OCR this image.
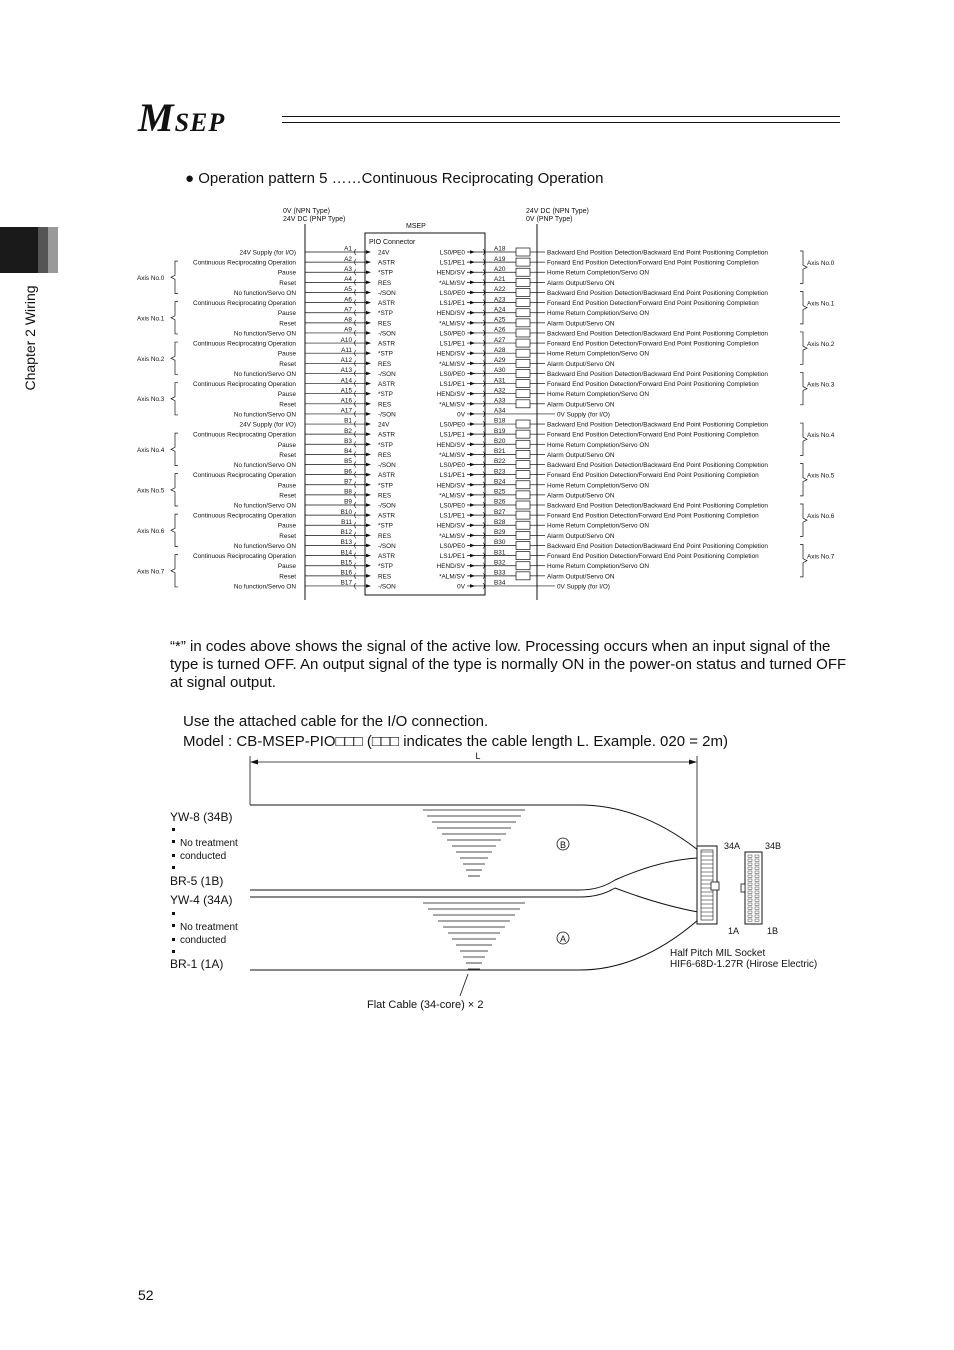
MSEP
Chapter 2 Wiring
● Operation pattern 5 ……Continuous Reciprocating Operation
0V (NPN Type)
24V DC (PNP Type)
24V DC (NPN Type)
0V (PNP Type)
MSEP
PIO Connector
24V Supply (for I/O)
A1
24V
Continuous Reciprocating Operation
A2
ASTR
Pause
A3
*STP
Reset
A4
RES
No function/Servo ON
A5
-/SON
Continuous Reciprocating Operation
A6
ASTR
Pause
A7
*STP
Reset
A8
RES
No function/Servo ON
A9
-/SON
Continuous Reciprocating Operation
A10
ASTR
Pause
A11
*STP
Reset
A12
RES
No function/Servo ON
A13
-/SON
Continuous Reciprocating Operation
A14
ASTR
Pause
A15
*STP
Reset
A16
RES
No function/Servo ON
A17
-/SON
24V Supply (for I/O)
B1
24V
Continuous Reciprocating Operation
B2
ASTR
Pause
B3
*STP
Reset
B4
RES
No function/Servo ON
B5
-/SON
Continuous Reciprocating Operation
B6
ASTR
Pause
B7
*STP
Reset
B8
RES
No function/Servo ON
B9
-/SON
Continuous Reciprocating Operation
B10
ASTR
Pause
B11
*STP
Reset
B12
RES
No function/Servo ON
B13
-/SON
Continuous Reciprocating Operation
B14
ASTR
Pause
B15
*STP
Reset
B16
RES
No function/Servo ON
B17
-/SON
LS0/PE0
A18
Backward End Position Detection/Backward End Point Positioning Completion
LS1/PE1
A19
Forward End Position Detection/Forward End Point Positioning Completion
HEND/SV
A20
Home Return Completion/Servo ON
*ALM/SV
A21
Alarm Output/Servo ON
LS0/PE0
A22
Backward End Position Detection/Backward End Point Positioning Completion
LS1/PE1
A23
Forward End Position Detection/Forward End Point Positioning Completion
HEND/SV
A24
Home Return Completion/Servo ON
*ALM/SV
A25
Alarm Output/Servo ON
LS0/PE0
A26
Backward End Position Detection/Backward End Point Positioning Completion
LS1/PE1
A27
Forward End Position Detection/Forward End Point Positioning Completion
HEND/SV
A28
Home Return Completion/Servo ON
*ALM/SV
A29
Alarm Output/Servo ON
LS0/PE0
A30
Backward End Position Detection/Backward End Point Positioning Completion
LS1/PE1
A31
Forward End Position Detection/Forward End Point Positioning Completion
HEND/SV
A32
Home Return Completion/Servo ON
*ALM/SV
A33
Alarm Output/Servo ON
0V
A34
0V Supply (for I/O)
LS0/PE0
B18
Backward End Position Detection/Backward End Point Positioning Completion
LS1/PE1
B19
Forward End Position Detection/Forward End Point Positioning Completion
HEND/SV
B20
Home Return Completion/Servo ON
*ALM/SV
B21
Alarm Output/Servo ON
LS0/PE0
B22
Backward End Position Detection/Backward End Point Positioning Completion
LS1/PE1
B23
Forward End Position Detection/Forward End Point Positioning Completion
HEND/SV
B24
Home Return Completion/Servo ON
*ALM/SV
B25
Alarm Output/Servo ON
LS0/PE0
B26
Backward End Position Detection/Backward End Point Positioning Completion
LS1/PE1
B27
Forward End Position Detection/Forward End Point Positioning Completion
HEND/SV
B28
Home Return Completion/Servo ON
*ALM/SV
B29
Alarm Output/Servo ON
LS0/PE0
B30
Backward End Position Detection/Backward End Point Positioning Completion
LS1/PE1
B31
Forward End Position Detection/Forward End Point Positioning Completion
HEND/SV
B32
Home Return Completion/Servo ON
*ALM/SV
B33
Alarm Output/Servo ON
0V
B34
0V Supply (for I/O)
Axis No.0
Axis No.1
Axis No.2
Axis No.3
Axis No.4
Axis No.5
Axis No.6
Axis No.7
Axis No.0
Axis No.1
Axis No.2
Axis No.3
Axis No.4
Axis No.5
Axis No.6
Axis No.7
L
34A	34B
1A	1B
Half Pitch MIL Socket
HIF6-68D-1.27R (Hirose Electric)
B
A
YW-8 (34B)
No treatment
conducted
BR-5 (1B)
YW-4 (34A)
No treatment
conducted
BR-1 (1A)
Flat Cable (34-core) × 2
“*” in codes above shows the signal of the active low. Processing occurs when an input signal of the type is turned OFF. An output signal of the type is normally ON in the power-on status and turned OFF at signal output.
Use the attached cable for the I/O connection.
Model : CB-MSEP-PIO□□□ (□□□ indicates the cable length L. Example. 020 = 2m)
52
